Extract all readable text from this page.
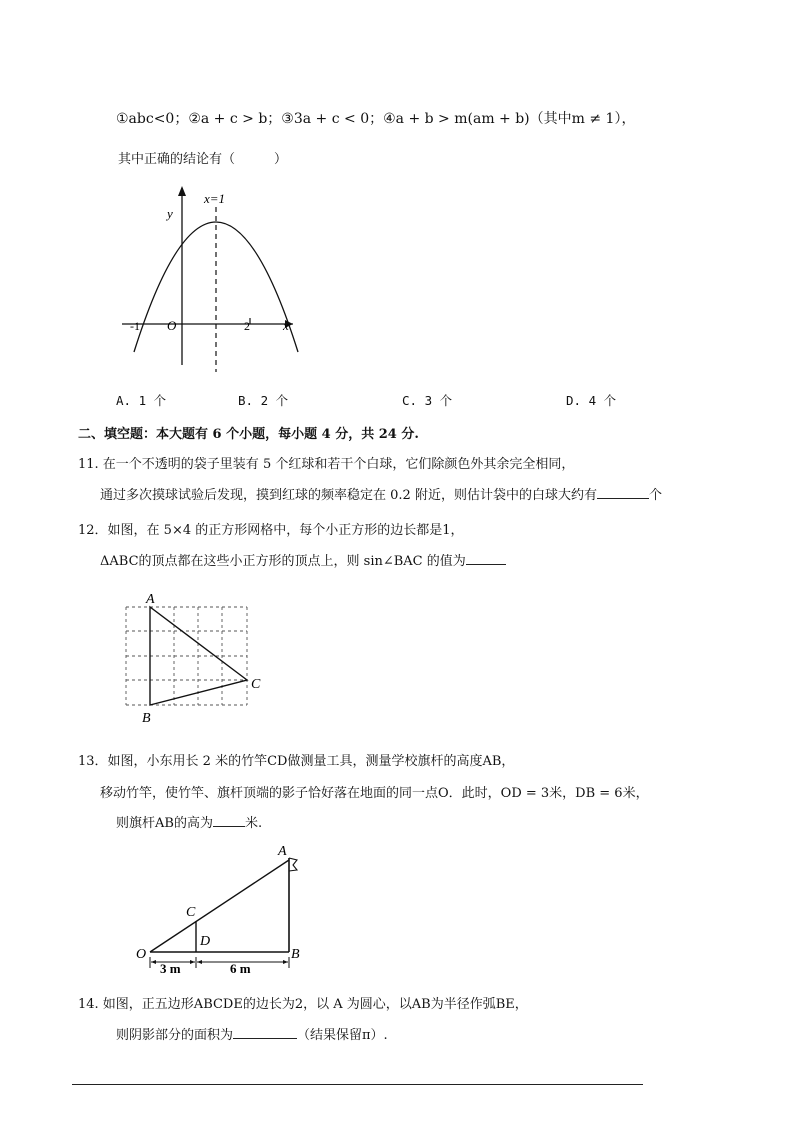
①abc<0；②a + c > b；③3a + c < 0；④a + b > m(am + b)（其中m ≠ 1），
其中正确的结论有（　　　）
x=1
y
x
O
-1	2
A. 1 个	B. 2 个	C. 3 个	D. 4 个
二、填空题：本大题有 6 个小题，每小题 4 分，共 24 分.
11. 在一个不透明的袋子里装有 5 个红球和若干个白球，它们除颜色外其余完全相同，
通过多次摸球试验后发现，摸到红球的频率稳定在 0.2 附近，则估计袋中的白球大约有	个
12．如图，在 5×4 的正方形网格中，每个小正方形的边长都是1，
ΔABC的顶点都在这些小正方形的顶点上，则 sin∠BAC 的值为
A
B
C
13．如图，小东用长 2 米的竹竿CD做测量工具，测量学校旗杆的高度AB，
移动竹竿，使竹竿、旗杆顶端的影子恰好落在地面的同一点O．此时，OD = 3米，DB = 6米，
则旗杆AB的高为 米.
A
B
C
D
O
3 m	6 m
14. 如图，正五边形ABCDE的边长为2，以 A 为圆心，以AB为半径作弧BE，
则阴影部分的面积为	（结果保留π）.
